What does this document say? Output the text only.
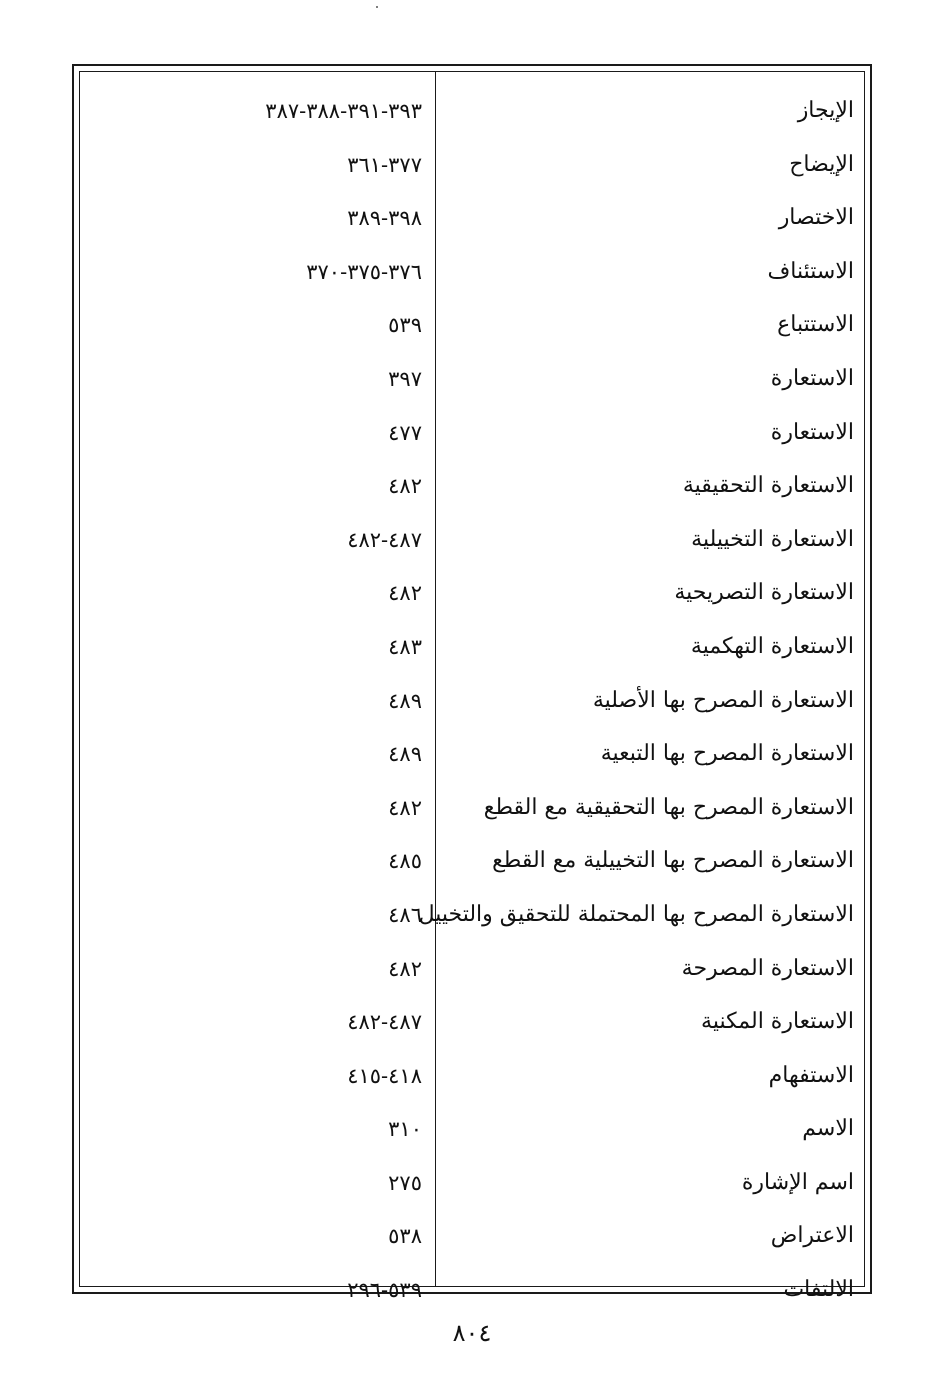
الإيجاز
٣٩٣-٣٩١-٣٨٨-٣٨٧
الإيضاح
٣٧٧-٣٦١
الاختصار
٣٩٨-٣٨٩
الاستئناف
٣٧٦-٣٧٥-٣٧٠
الاستتباع
٥٣٩
الاستعارة
٣٩٧
الاستعارة
٤٧٧
الاستعارة التحقيقية
٤٨٢
الاستعارة التخييلية
٤٨٧-٤٨٢
الاستعارة التصريحية
٤٨٢
الاستعارة التهكمية
٤٨٣
الاستعارة المصرح بها الأصلية
٤٨٩
الاستعارة المصرح بها التبعية
٤٨٩
الاستعارة المصرح بها التحقيقية مع القطع
٤٨٢
الاستعارة المصرح بها التخييلية مع القطع
٤٨٥
الاستعارة المصرح بها المحتملة للتحقيق والتخييل
٤٨٦
الاستعارة المصرحة
٤٨٢
الاستعارة المكنية
٤٨٧-٤٨٢
الاستفهام
٤١٨-٤١٥
الاسم
٣١٠
اسم الإشارة
٢٧٥
الاعتراض
٥٣٨
الالتفات
٥٣٩-٢٩٦
٨٠٤
